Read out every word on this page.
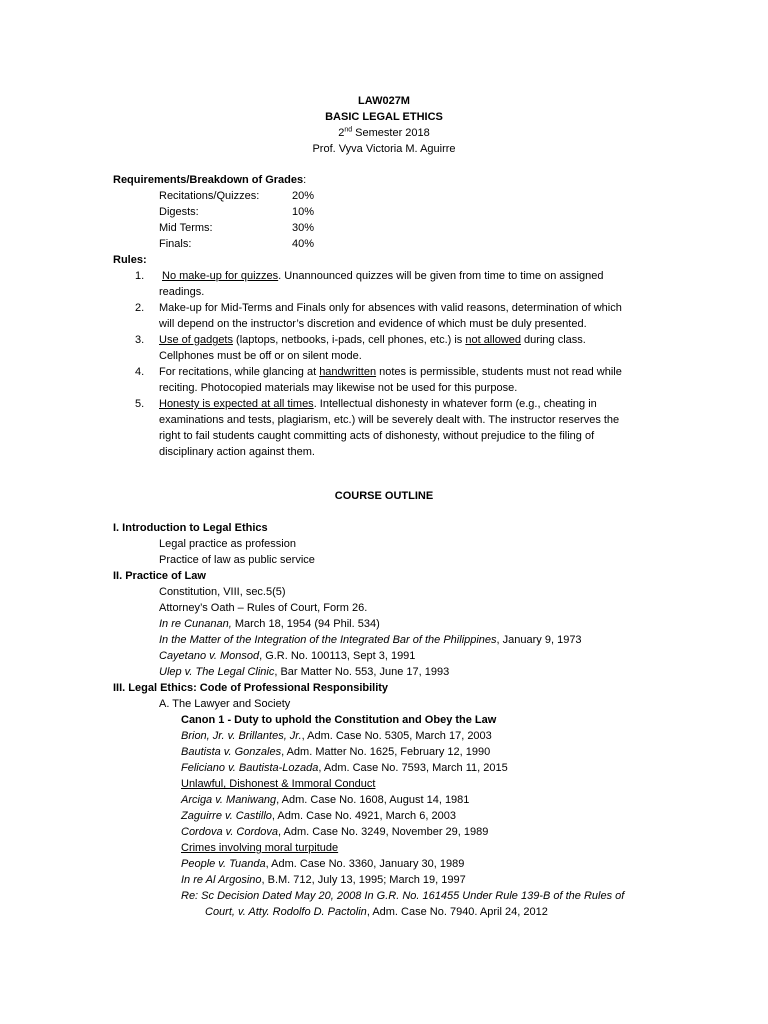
LAW027M
BASIC LEGAL ETHICS
2nd Semester 2018
Prof. Vyva Victoria M. Aguirre
Requirements/Breakdown of Grades:
Recitations/Quizzes:	20%
Digests:	10%
Mid Terms:	30%
Finals:	40%
Rules:
1. No make-up for quizzes. Unannounced quizzes will be given from time to time on assigned
readings.
2. Make-up for Mid-Terms and Finals only for absences with valid reasons, determination of which
will depend on the instructor’s discretion and evidence of which must be duly presented.
3. Use of gadgets (laptops, netbooks, i-pads, cell phones, etc.) is not allowed during class.
Cellphones must be off or on silent mode.
4. For recitations, while glancing at handwritten notes is permissible, students must not read while
reciting. Photocopied materials may likewise not be used for this purpose.
5. Honesty is expected at all times. Intellectual dishonesty in whatever form (e.g., cheating in
examinations and tests, plagiarism, etc.) will be severely dealt with. The instructor reserves the
right to fail students caught committing acts of dishonesty, without prejudice to the filing of
disciplinary action against them.
COURSE OUTLINE
I. Introduction to Legal Ethics
Legal practice as profession
Practice of law as public service
II. Practice of Law
Constitution, VIII, sec.5(5)
Attorney’s Oath – Rules of Court, Form 26.
In re Cunanan, March 18, 1954 (94 Phil. 534)
In the Matter of the Integration of the Integrated Bar of the Philippines, January 9, 1973
Cayetano v. Monsod, G.R. No. 100113, Sept 3, 1991
Ulep v. The Legal Clinic, Bar Matter No. 553, June 17, 1993
III. Legal Ethics: Code of Professional Responsibility
A. The Lawyer and Society
Canon 1 - Duty to uphold the Constitution and Obey the Law
Brion, Jr. v. Brillantes, Jr., Adm. Case No. 5305, March 17, 2003
Bautista v. Gonzales, Adm. Matter No. 1625, February 12, 1990
Feliciano v. Bautista-Lozada, Adm. Case No. 7593, March 11, 2015
Unlawful, Dishonest & Immoral Conduct
Arciga v. Maniwang, Adm. Case No. 1608, August 14, 1981
Zaguirre v. Castillo, Adm. Case No. 4921, March 6, 2003
Cordova v. Cordova, Adm. Case No. 3249, November 29, 1989
Crimes involving moral turpitude
People v. Tuanda, Adm. Case No. 3360, January 30, 1989
In re Al Argosino, B.M. 712, July 13, 1995; March 19, 1997
Re: Sc Decision Dated May 20, 2008 In G.R. No. 161455 Under Rule 139-B of the Rules of
Court, v. Atty. Rodolfo D. Pactolin, Adm. Case No. 7940. April 24, 2012
